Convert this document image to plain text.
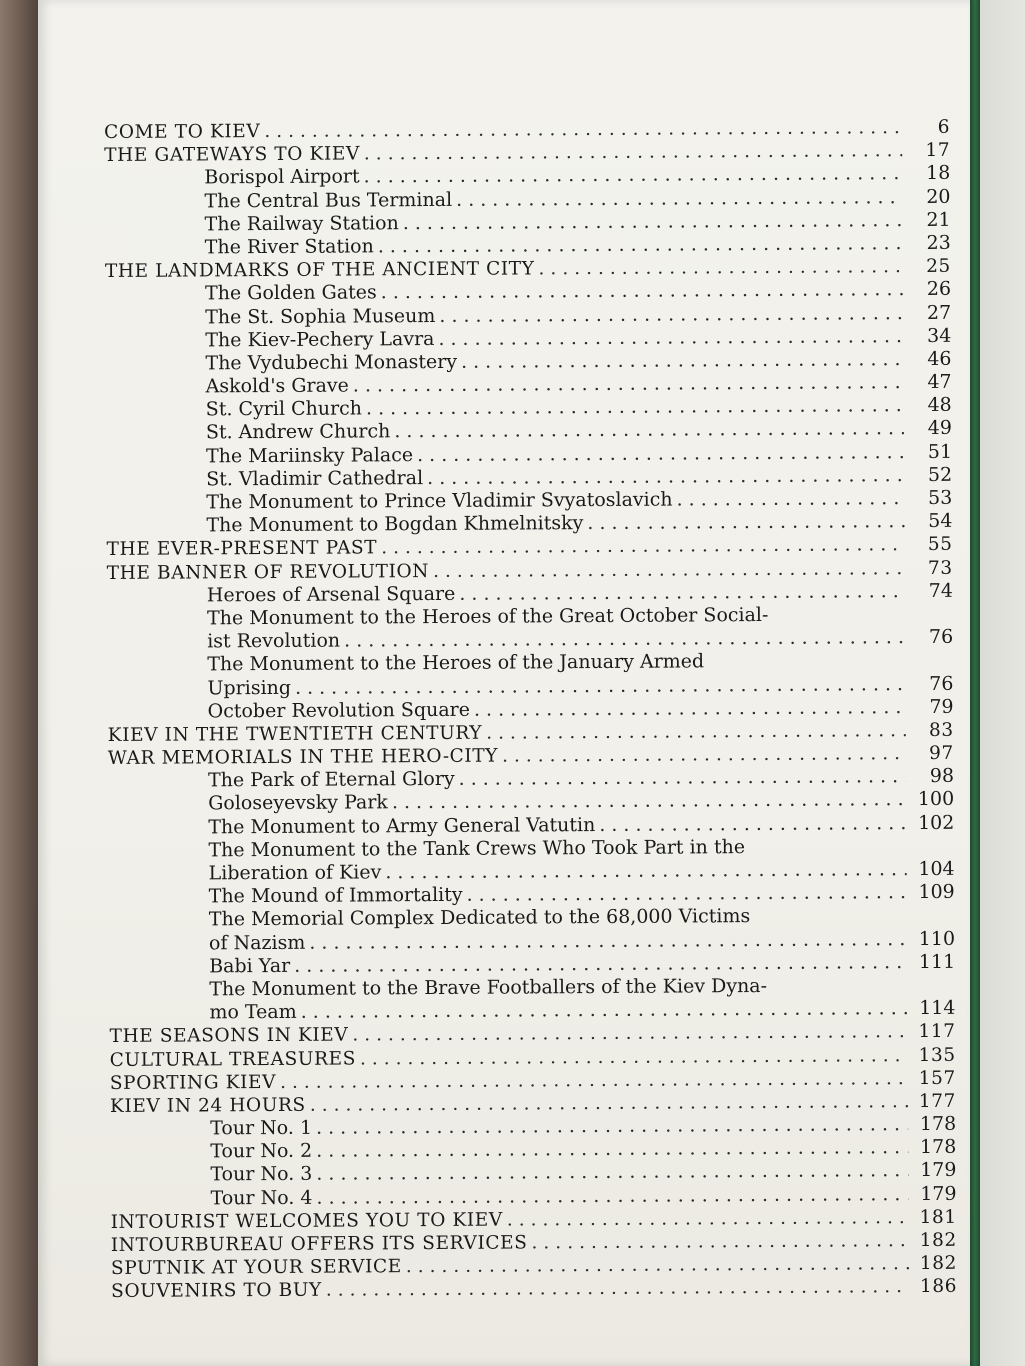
COME TO KIEV .....	6
THE GATEWAYS TO KIEV .....	17
Borispol Airport .....	18
The Central Bus Terminal .....	20
The Railway Station .....	21
The River Station .....	23
THE LANDMARKS OF THE ANCIENT CITY .....	25
The Golden Gates .....	26
The St. Sophia Museum .....	27
The Kiev-Pechery Lavra .....	34
The Vydubechi Monastery .....	46
Askold's Grave .....	47
St. Cyril Church .....	48
St. Andrew Church .....	49
The Mariinsky Palace .....	51
St. Vladimir Cathedral .....	52
The Monument to Prince Vladimir Svyatoslavich .....	53
The Monument to Bogdan Khmelnitsky .....	54
THE EVER-PRESENT PAST .....	55
THE BANNER OF REVOLUTION .....	73
Heroes of Arsenal Square .....	74
The Monument to the Heroes of the Great October Social-
ist Revolution .....	76
The Monument to the Heroes of the January Armed
Uprising .....	76
October Revolution Square .....	79
KIEV IN THE TWENTIETH CENTURY .....	83
WAR MEMORIALS IN THE HERO-CITY .....	97
The Park of Eternal Glory .....	98
Goloseyevsky Park .....	100
The Monument to Army General Vatutin .....	102
The Monument to the Tank Crews Who Took Part in the
Liberation of Kiev .....	104
The Mound of Immortality .....	109
The Memorial Complex Dedicated to the 68,000 Victims
of Nazism .....	110
Babi Yar .....	111
The Monument to the Brave Footballers of the Kiev Dyna-
mo Team .....	114
THE SEASONS IN KIEV .....	117
CULTURAL TREASURES .....	135
SPORTING KIEV .....	157
KIEV IN 24 HOURS .....	177
Tour No. 1 .....	178
Tour No. 2 .....	178
Tour No. 3 .....	179
Tour No. 4 .....	179
INTOURIST WELCOMES YOU TO KIEV .....	181
INTOURBUREAU OFFERS ITS SERVICES .....	182
SPUTNIK AT YOUR SERVICE .....	182
SOUVENIRS TO BUY .....	186
